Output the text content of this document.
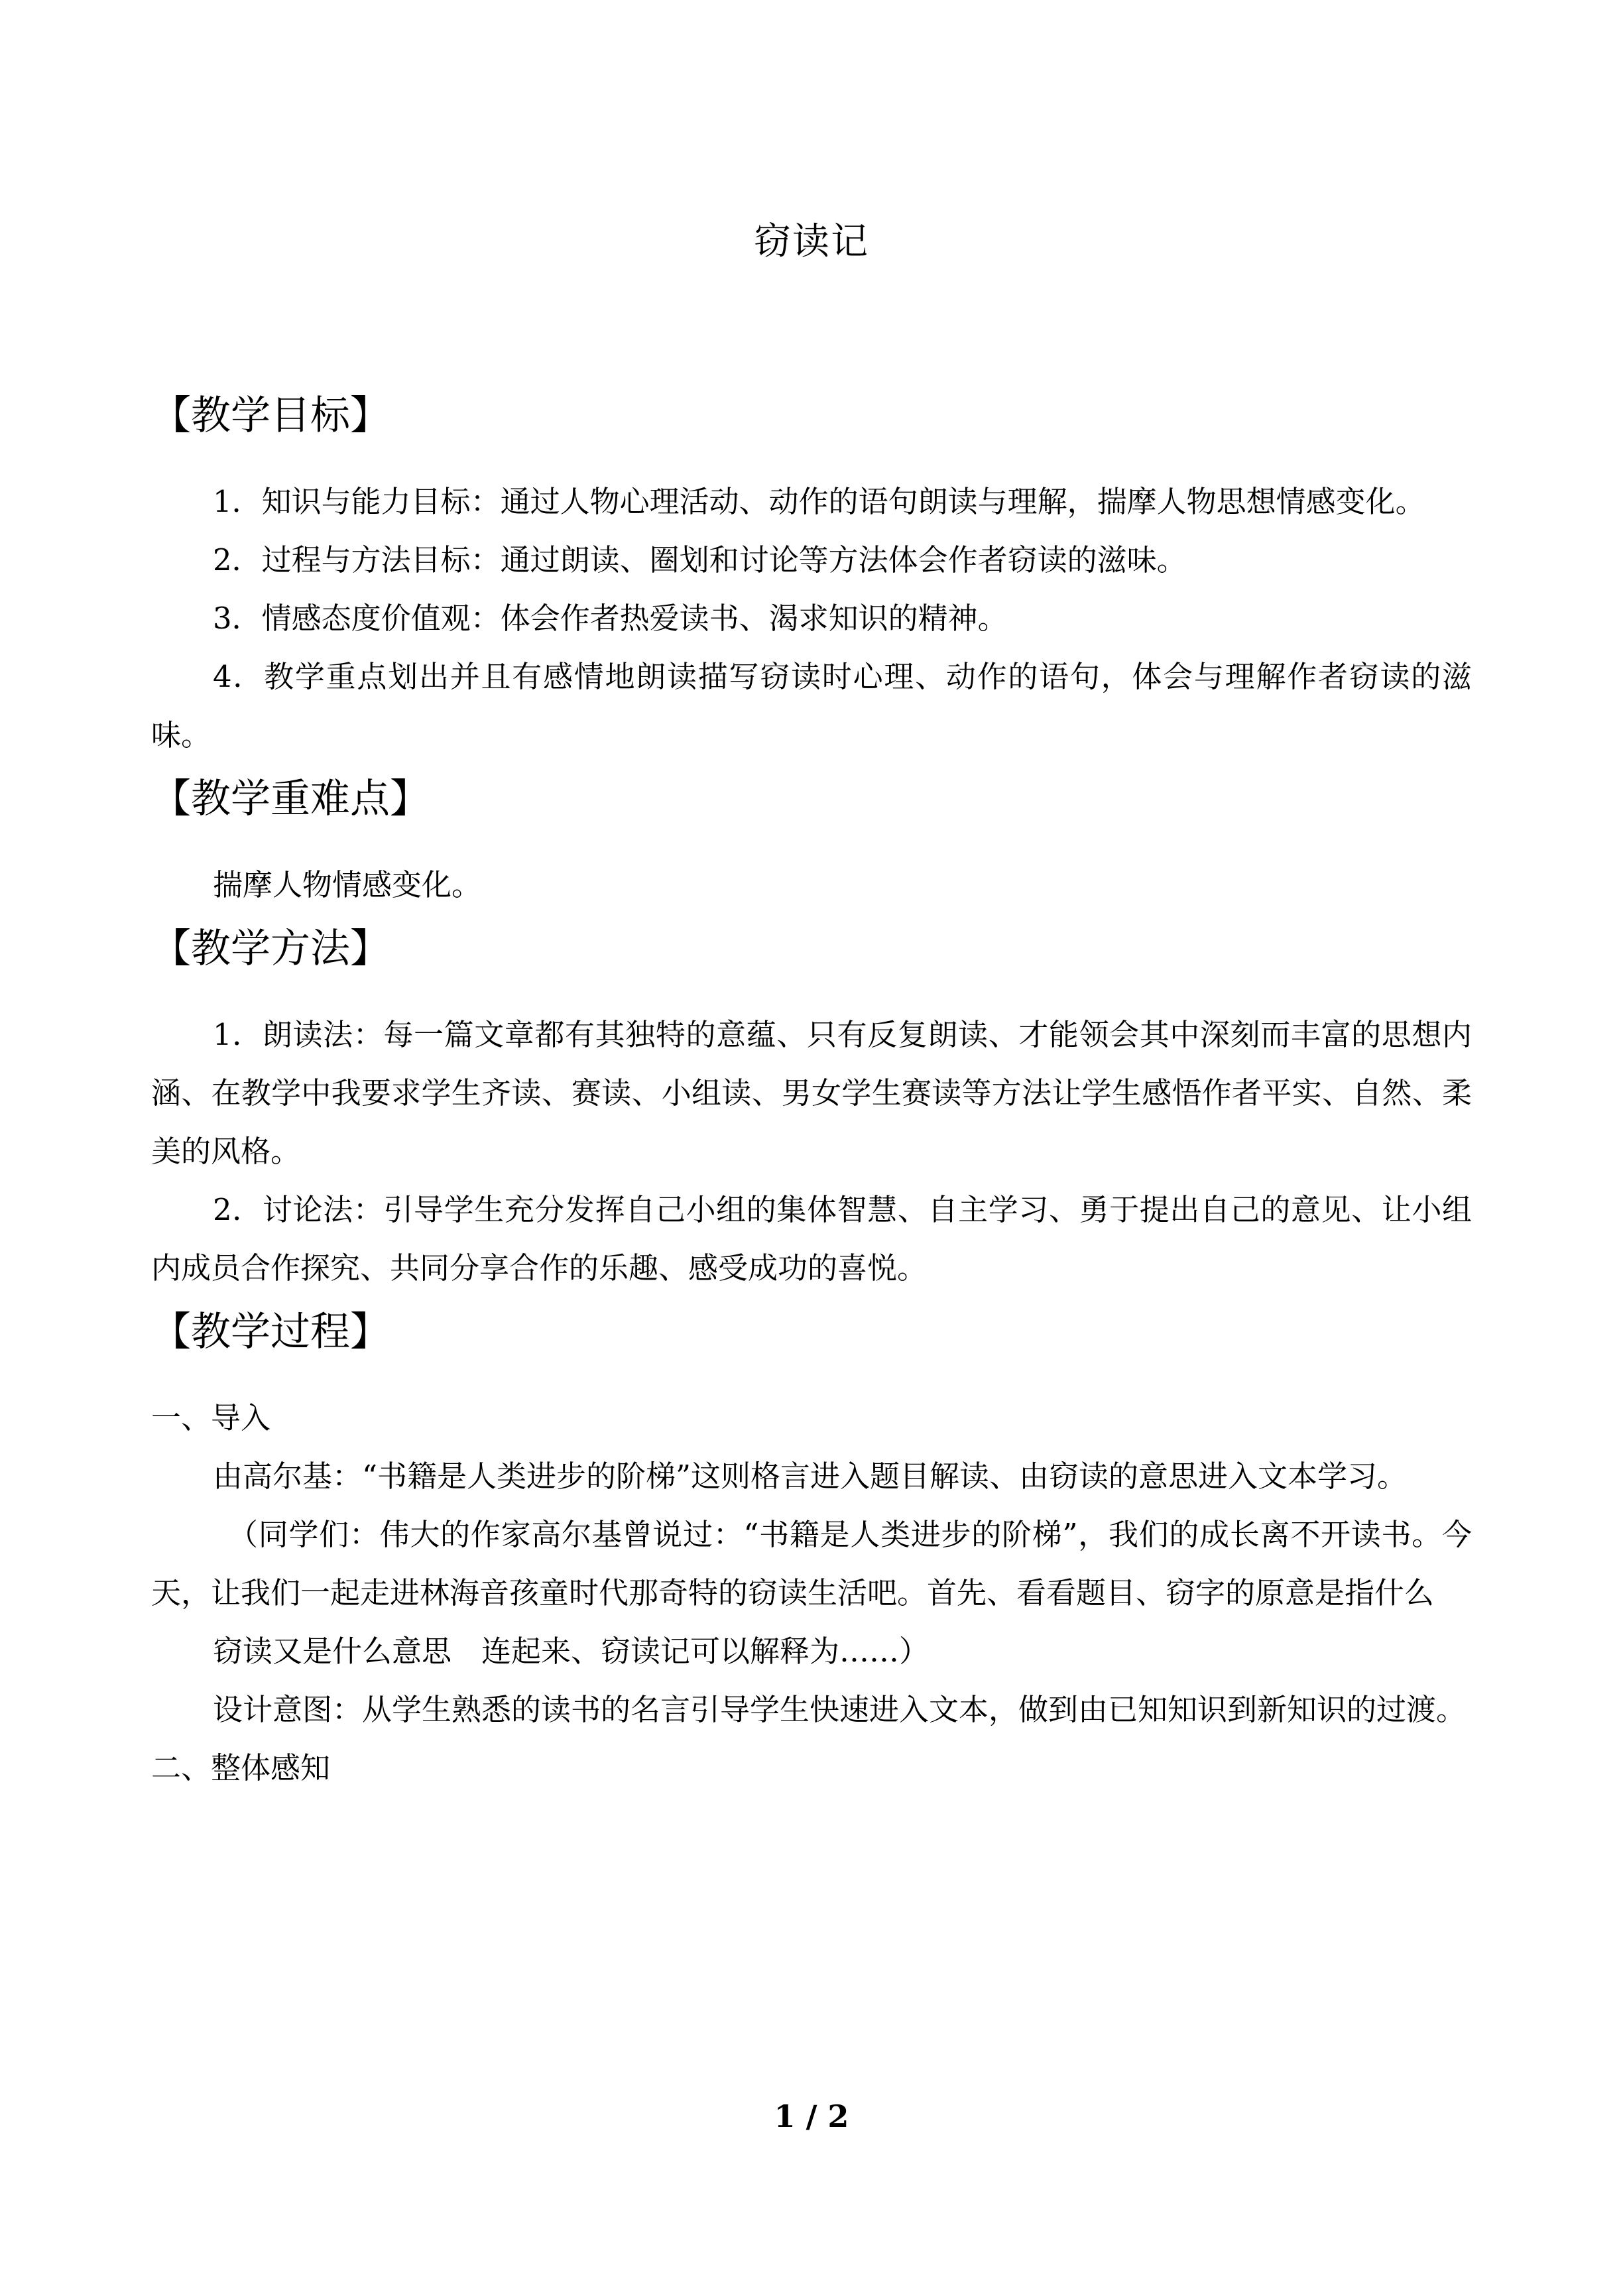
窃读记
【教学目标】

1．知识与能力目标：通过人物心理活动、动作的语句朗读与理解，揣摩人物思想情感变化。

2．过程与方法目标：通过朗读、圈划和讨论等方法体会作者窃读的滋味。

3．情感态度价值观：体会作者热爱读书、渴求知识的精神。

4．教学重点划出并且有感情地朗读描写窃读时心理、动作的语句，体会与理解作者窃读的滋味。

【教学重难点】

揣摩人物情感变化。

【教学方法】

1．朗读法：每一篇文章都有其独特的意蕴、只有反复朗读、才能领会其中深刻而丰富的思想内涵、在教学中我要求学生齐读、赛读、小组读、男女学生赛读等方法让学生感悟作者平实、自然、柔美的风格。

2．讨论法：引导学生充分发挥自己小组的集体智慧、自主学习、勇于提出自己的意见、让小组内成员合作探究、共同分享合作的乐趣、感受成功的喜悦。

【教学过程】

一、导入

由高尔基：“书籍是人类进步的阶梯”这则格言进入题目解读、由窃读的意思进入文本学习。

（同学们：伟大的作家高尔基曾说过：“书籍是人类进步的阶梯”，我们的成长离不开读书。今天，让我们一起走进林海音孩童时代那奇特的窃读生活吧。首先、看看题目、窃字的原意是指什么

窃读又是什么意思　连起来、窃读记可以解释为……）

设计意图：从学生熟悉的读书的名言引导学生快速进入文本，做到由已知知识到新知识的过渡。

二、整体感知

1 / 2
